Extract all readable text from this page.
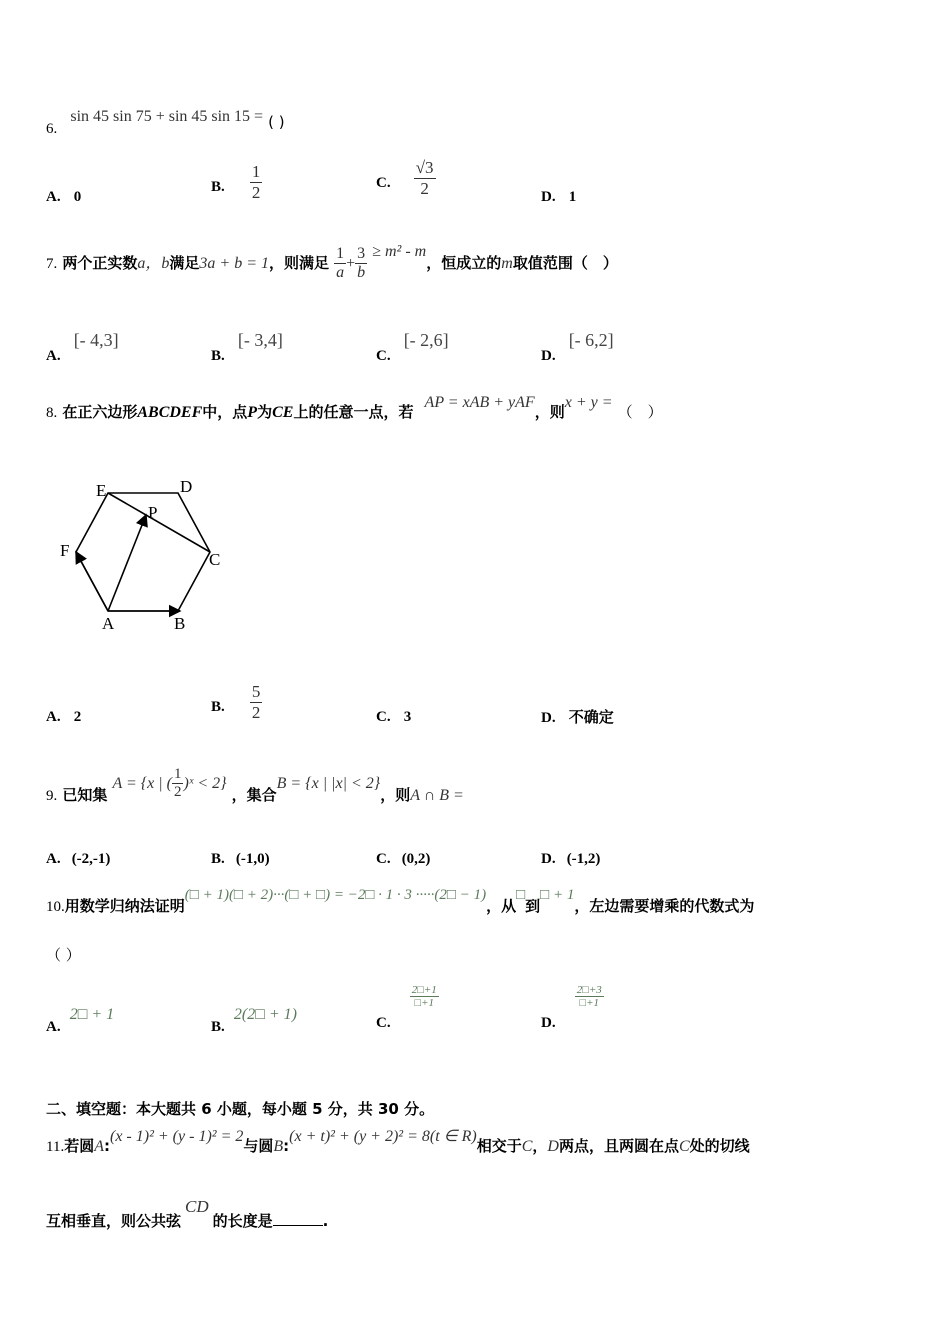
6. sin 45 sin 75 + sin 45 sin 15 = ( )
A. 0
B. $\frac{1}{2}$	C. $\frac{√3}{2}$	D. 1
7. 两个正实数a，b满足3a + b = 1，则满足 $\frac{1}{a} + \frac{3}{b} \ge m^2 - m$，恒成立的m取值范围（　）
A. [- 4,3]
B. [- 3,4]
C. [- 2,6]
D. [- 6,2]
8. 在正六边形ABCDEF中，点P为CE上的任意一点，若 AP = xAB + yAF，则x + y = （　）
E	D
P
F	C
A	B
A. 2
B. $\frac{5}{2}$	C. 3	D. 不确定
9. 已知集 A = {x | ( $\frac{1}{2}$ )ˣ < 2} ，集合B = {x | |x| < 2}，则A ∩ B =
A. (-2,-1)	B. (-1,0)	C. (0,2)	D. (-1,2)
10.用数学归纳法证明(□ + 1)(□ + 2)···(□ + □) = −2□ · 1 · 3 ·····(2□ − 1)，从□到□ + 1，左边需要增乘的代数式为
（ ）
A. 2□ + 1
B. 2(2□ + 1)	C.
$\frac{2□+1}{□+1}$
D.
$\frac{2□+3}{□+1}$
二、填空题：本大题共 6 小题，每小题 5 分，共 30 分。
11.若圆A:(x - 1)² + (y - 1)² = 2与圆B:(x + t)² + (y + 2)² = 8(t ∈ R)相交于C，D两点，且两圆在点C处的切线
互相垂直，则公共弦CD的长度是	.
